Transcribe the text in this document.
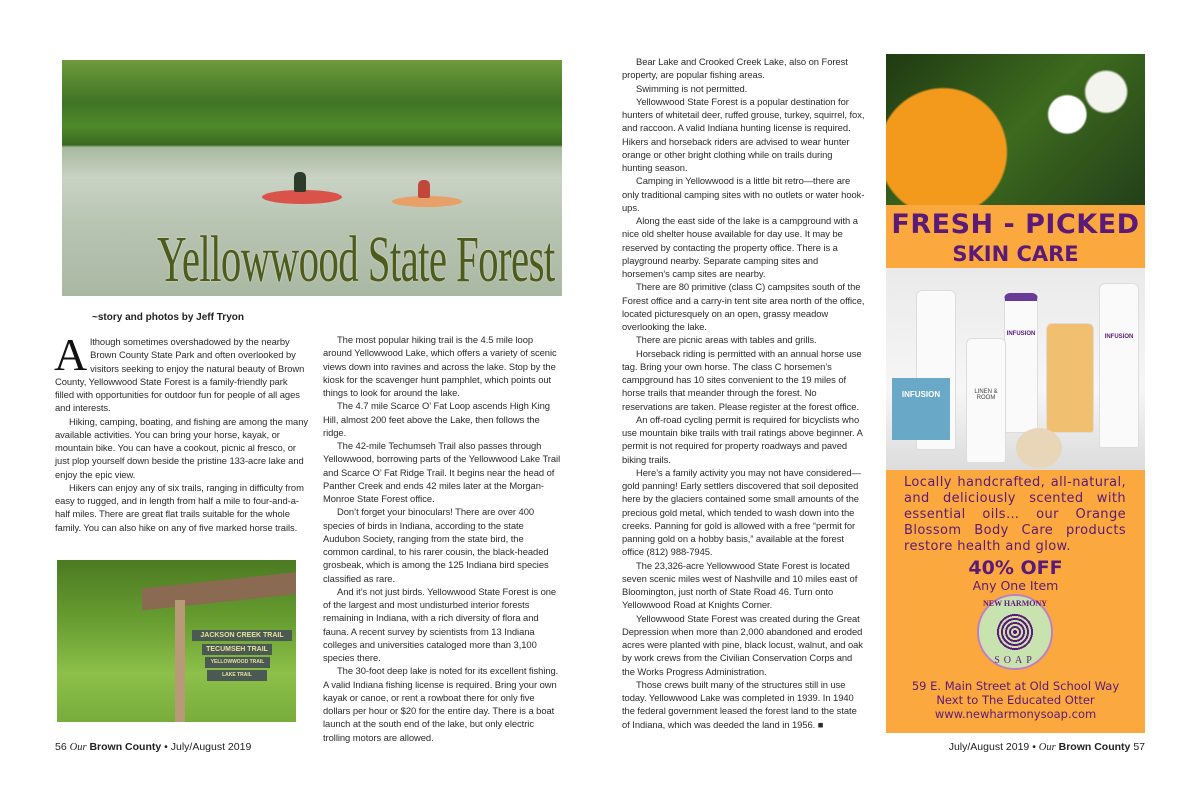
Yellowwood State Forest
~story and photos by Jeff Tryon

Although sometimes overshadowed by the nearby Brown County State Park and often overlooked by visitors seeking to enjoy the natural beauty of Brown County, Yellowwood State Forest is a family-friendly park filled with opportunities for outdoor fun for people of all ages and interests.

Hiking, camping, boating, and fishing are among the many available activities. You can bring your horse, kayak, or mountain bike. You can have a cookout, picnic al fresco, or just plop yourself down beside the pristine 133-acre lake and enjoy the epic view.

Hikers can enjoy any of six trails, ranging in difficulty from easy to rugged, and in length from half a mile to four-and-a-half miles. There are great flat trails suitable for the whole family. You can also hike on any of five marked horse trails.

JACKSON CREEK TRAIL
TECUMSEH TRAIL
YELLOWWOOD TRAIL
LAKE TRAIL

The most popular hiking trail is the 4.5 mile loop around Yellowwood Lake, which offers a variety of scenic views down into ravines and across the lake. Stop by the kiosk for the scavenger hunt pamphlet, which points out things to look for around the lake.

The 4.7 mile Scarce O’ Fat Loop ascends High King Hill, almost 200 feet above the Lake, then follows the ridge.

The 42-mile Techumseh Trail also passes through Yellowwood, borrowing parts of the Yellowwood Lake Trail and Scarce O’ Fat Ridge Trail. It begins near the head of Panther Creek and ends 42 miles later at the Morgan-Monroe State Forest office.

Don’t forget your binoculars! There are over 400 species of birds in Indiana, according to the state Audubon Society, ranging from the state bird, the common cardinal, to his rarer cousin, the black-headed grosbeak, which is among the 125 Indiana bird species classified as rare.

And it’s not just birds. Yellowwood State Forest is one of the largest and most undisturbed interior forests remaining in Indiana, with a rich diversity of flora and fauna. A recent survey by scientists from 13 Indiana colleges and universities cataloged more than 3,100 species there.

The 30-foot deep lake is noted for its excellent fishing. A valid Indiana fishing license is required. Bring your own kayak or canoe, or rent a rowboat there for only five dollars per hour or $20 for the entire day. There is a boat launch at the south end of the lake, but only electric trolling motors are allowed.

Bear Lake and Crooked Creek Lake, also on Forest property, are popular fishing areas.

Swimming is not permitted.

Yellowwood State Forest is a popular destination for hunters of whitetail deer, ruffed grouse, turkey, squirrel, fox, and raccoon. A valid Indiana hunting license is required. Hikers and horseback riders are advised to wear hunter orange or other bright clothing while on trails during hunting season.

Camping in Yellowwood is a little bit retro—there are only traditional camping sites with no outlets or water hook-ups.

Along the east side of the lake is a campground with a nice old shelter house available for day use. It may be reserved by contacting the property office. There is a playground nearby. Separate camping sites and horsemen’s camp sites are nearby.

There are 80 primitive (class C) campsites south of the Forest office and a carry-in tent site area north of the office, located picturesquely on an open, grassy meadow overlooking the lake.

There are picnic areas with tables and grills.

Horseback riding is permitted with an annual horse use tag. Bring your own horse. The class C horsemen’s campground has 10 sites convenient to the 19 miles of horse trails that meander through the forest. No reservations are taken. Please register at the forest office.

An off-road cycling permit is required for bicyclists who use mountain bike trails with trail ratings above beginner. A permit is not required for property roadways and paved biking trails.

Here’s a family activity you may not have considered—gold panning! Early settlers discovered that soil deposited here by the glaciers contained some small amounts of the precious gold metal, which tended to wash down into the creeks. Panning for gold is allowed with a free “permit for panning gold on a hobby basis,” available at the forest office (812) 988-7945.

The 23,326-acre Yellowwood State Forest is located seven scenic miles west of Nashville and 10 miles east of Bloomington, just north of State Road 46. Turn onto Yellowwood Road at Knights Corner.

Yellowwood State Forest was created during the Great Depression when more than 2,000 abandoned and eroded acres were planted with pine, black locust, walnut, and oak by work crews from the Civilian Conservation Corps and the Works Progress Administration.

Those crews built many of the structures still in use today. Yellowwood Lake was completed in 1939. In 1940 the federal government leased the forest land to the state of Indiana, which was deeded the land in 1956. ■

FRESH - PICKED
SKIN CARE
INFUSION
INFUSION
LINEN & ROOM
INFUSION
Locally handcrafted, all-natural, and deliciously scented with essential oils… our Orange Blossom Body Care products restore health and glow.
40% OFF
Any One Item
NEW HARMONY
SOAP
59 E. Main Street at Old School Way
Next to The Educated Otter
www.newharmonysoap.com
56 Our Brown County • July/August 2019	July/August 2019 • Our Brown County 57
